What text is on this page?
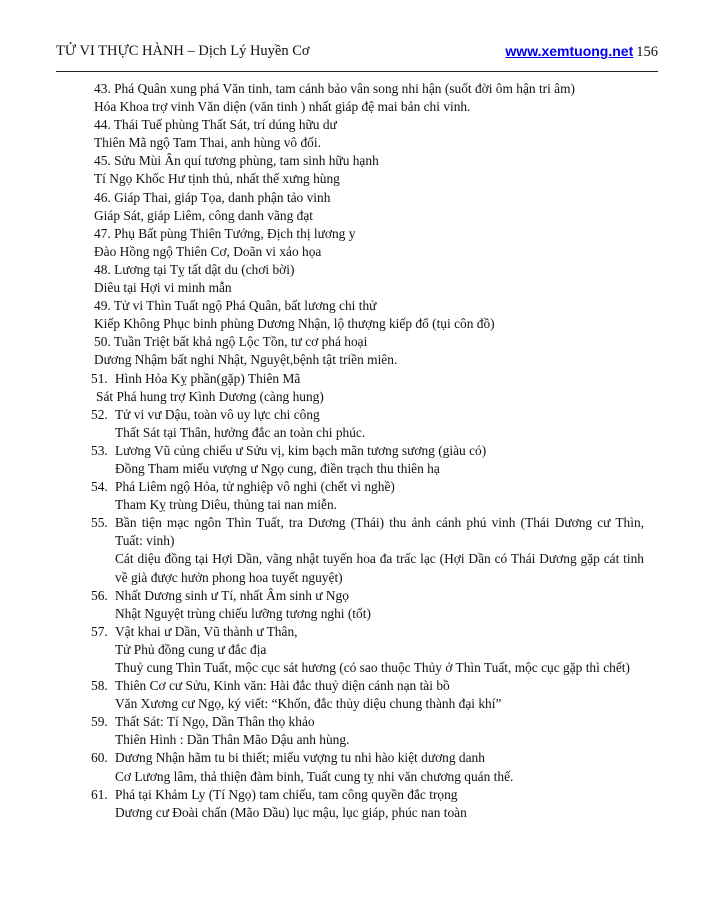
TỬ VI THỰC HÀNH – Dịch Lý Huyền Cơ	www.xemtuong.net 156
43. Phá Quân xung phá Văn tinh, tam cánh bảo vân song nhi hận (suốt đời ôm hận tri âm)
Hóa Khoa trợ vinh Văn diện (văn tinh ) nhất giáp đệ mai bản chi vinh.
44. Thái Tuế phùng Thất Sát, trí dúng hữu dư
Thiên Mã ngộ Tam Thai, anh hùng vô đối.
45. Sửu Mùi Ân quí tương phùng, tam sinh hữu hạnh
Tí Ngọ Khốc Hư tịnh thủ, nhất thế xưng hùng
46. Giáp Thai, giáp Tọa, danh phận tảo vinh
Giáp Sát, giáp Liêm, công danh vãng đạt
47. Phụ Bất pùng Thiên Tướng, Địch thị lương y
Đào Hồng ngộ Thiên Cơ, Doãn vi xảo họa
48. Lương tại Tỵ tất dật du (chơi bời)
Diêu tại Hợi vi minh mẫn
49. Tử vi Thìn Tuất ngộ Phá Quân, bất lương chi thử
Kiếp Không Phục binh phùng Dương Nhận, lộ thượng kiếp đổ (tụi côn đồ)
50. Tuần Triệt bất khả ngộ Lộc Tồn, tư cơ phá hoại
Dương Nhậm bất nghi Nhật, Nguyệt,bệnh tật triền miên.
51. Hình Hỏa Kỵ phần(gặp) Thiên Mã
Sát Phá hung trợ Kình Dương (càng hung)
52. Tử vi vư Dậu, toàn vô uy lực chi công
Thất Sát tại Thân, hưởng đắc an toàn chi phúc.
53. Lương Vũ củng chiếu ư Sửu vị, kim bạch mãn tương sương (giàu có)
Đồng Tham miếu vượng ư Ngọ cung, điền trạch thu thiên hạ
54. Phá Liêm ngộ Hỏa, tử nghiệp vô nghi (chết vì nghề)
Tham Kỵ trùng Diêu, thủng tai nan miễn.
55. Bần tiện mạc ngôn Thìn Tuất, tra Dương (Thái) thu ảnh cánh phú vinh (Thái Dương cư Thìn, Tuất: vinh)
Cát diệu đồng tại Hợi Dần, vãng nhật tuyến hoa đa trấc lạc (Hợi Dần có Thái Dương gặp cát tinh về già được hưởn phong hoa tuyết nguyệt)
56. Nhất Dương sinh ư Tí, nhất Âm sinh ư Ngọ
Nhật Nguyệt trùng chiếu lưỡng tương nghi (tốt)
57. Vật khai ư Dần, Vũ thành ư Thân,
Tử Phủ đồng cung ư đắc địa
Thuỷ cung Thìn Tuất, mộc cục sát hương (có sao thuộc Thủy ở Thìn Tuất, mộc cục gặp thì chết)
58. Thiên Cơ cư Sửu, Kinh văn: Hài đắc thuỷ diện cánh nạn tài bồ
Văn Xương cư Ngọ, ký viết: “Khốn, đắc thủy diệu chung thành đại khí”
59. Thất Sát: Tí Ngọ, Dần Thân thọ khảo
Thiên Hình : Dần Thân Mão Dậu anh hùng.
60. Dương Nhận hãm tu bi thiết; miếu vượng tu nhi hào kiệt dương danh
Cơ Lương lâm, thả thiện đàm binh, Tuất cung tỵ nhi văn chương quán thế.
61. Phá tại Khảm Ly (Tí Ngọ) tam chiếu, tam công quyền đắc trọng
Dương cư Đoài chấn (Mão Dầu) lục mậu, lục giáp, phúc nan toàn
